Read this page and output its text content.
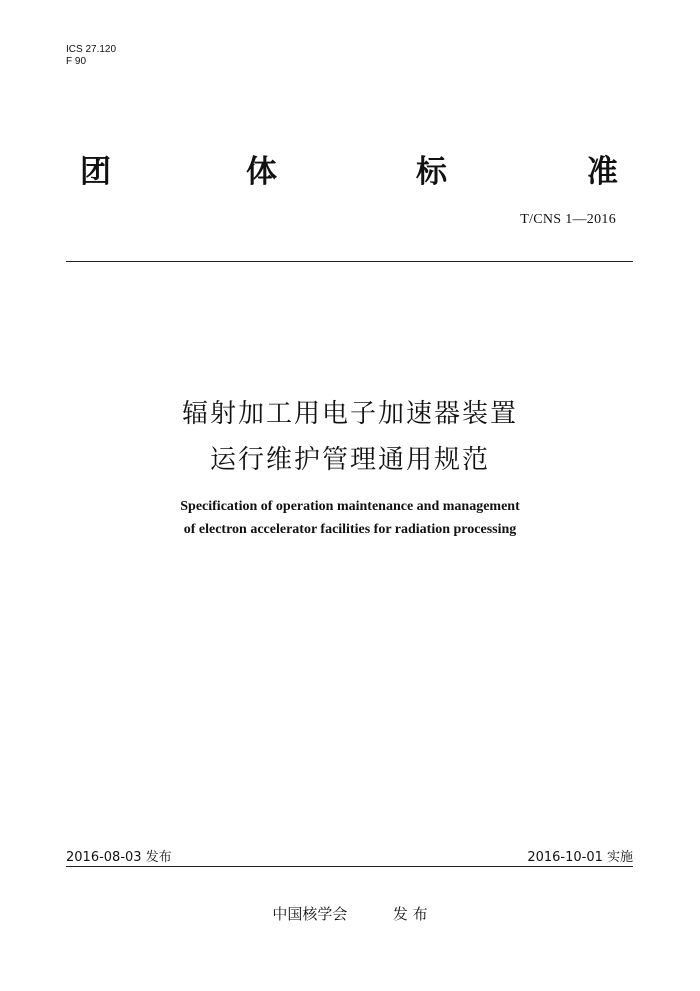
ICS 27.120
F 90
团	体	标	准
T/CNS 1—2016
辐射加工用电子加速器装置
运行维护管理通用规范
Specification of operation maintenance and management
of electron accelerator facilities for radiation processing
2016-08-03 发布	2016-10-01 实施
中国核学会	发 布
